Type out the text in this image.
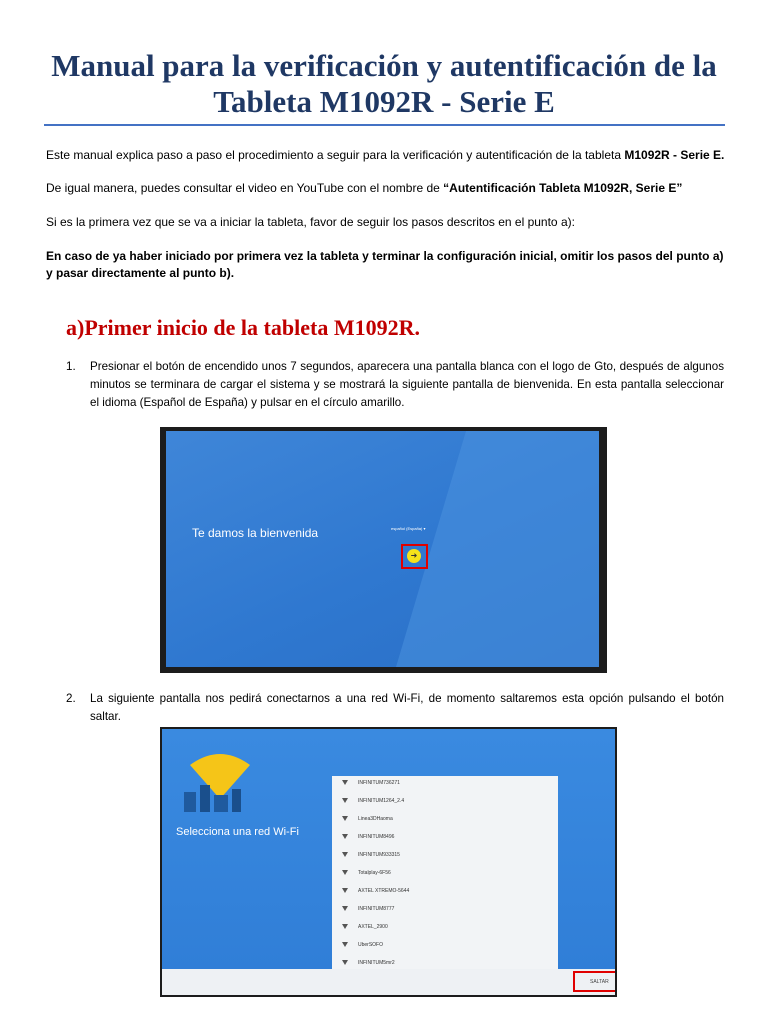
Manual para la verificación y autentificación de la Tableta M1092R - Serie E
Este manual explica paso a paso el procedimiento a seguir para la verificación y autentificación de la tableta M1092R - Serie E.
De igual manera, puedes consultar el video en YouTube con el nombre de “Autentificación Tableta M1092R, Serie E”
Si es la primera vez que se va a iniciar la tableta, favor de seguir los pasos descritos en el punto a):
En caso de ya haber iniciado por primera vez la tableta y terminar la configuración inicial, omitir los pasos del punto a) y pasar directamente al punto b).
a)Primer inicio de la tableta M1092R.
1. Presionar el botón de encendido unos 7 segundos, aparecera una pantalla blanca con el logo de Gto, después de algunos minutos se terminara de cargar el sistema y se mostrará la siguiente pantalla de bienvenida. En esta pantalla seleccionar el idioma (Español de España) y pulsar en el círculo amarillo.
Te damos la bienvenida	español (España) ▾
➜
2. La siguiente pantalla nos pedirá conectarnos a una red Wi-Fi, de momento saltaremos esta opción pulsando el botón saltar.
Selecciona una red Wi-Fi
INFINITUM736271
INFINITUM1264_2.4
Linea3DHaoma
INFINITUM8496
INFINITUM933315
Totalplay-6F56
AXTEL XTREMO-5644
INFINITUM8777
AXTEL_2900
UberSOFO
INFINITUM5mr2
SALTAR
